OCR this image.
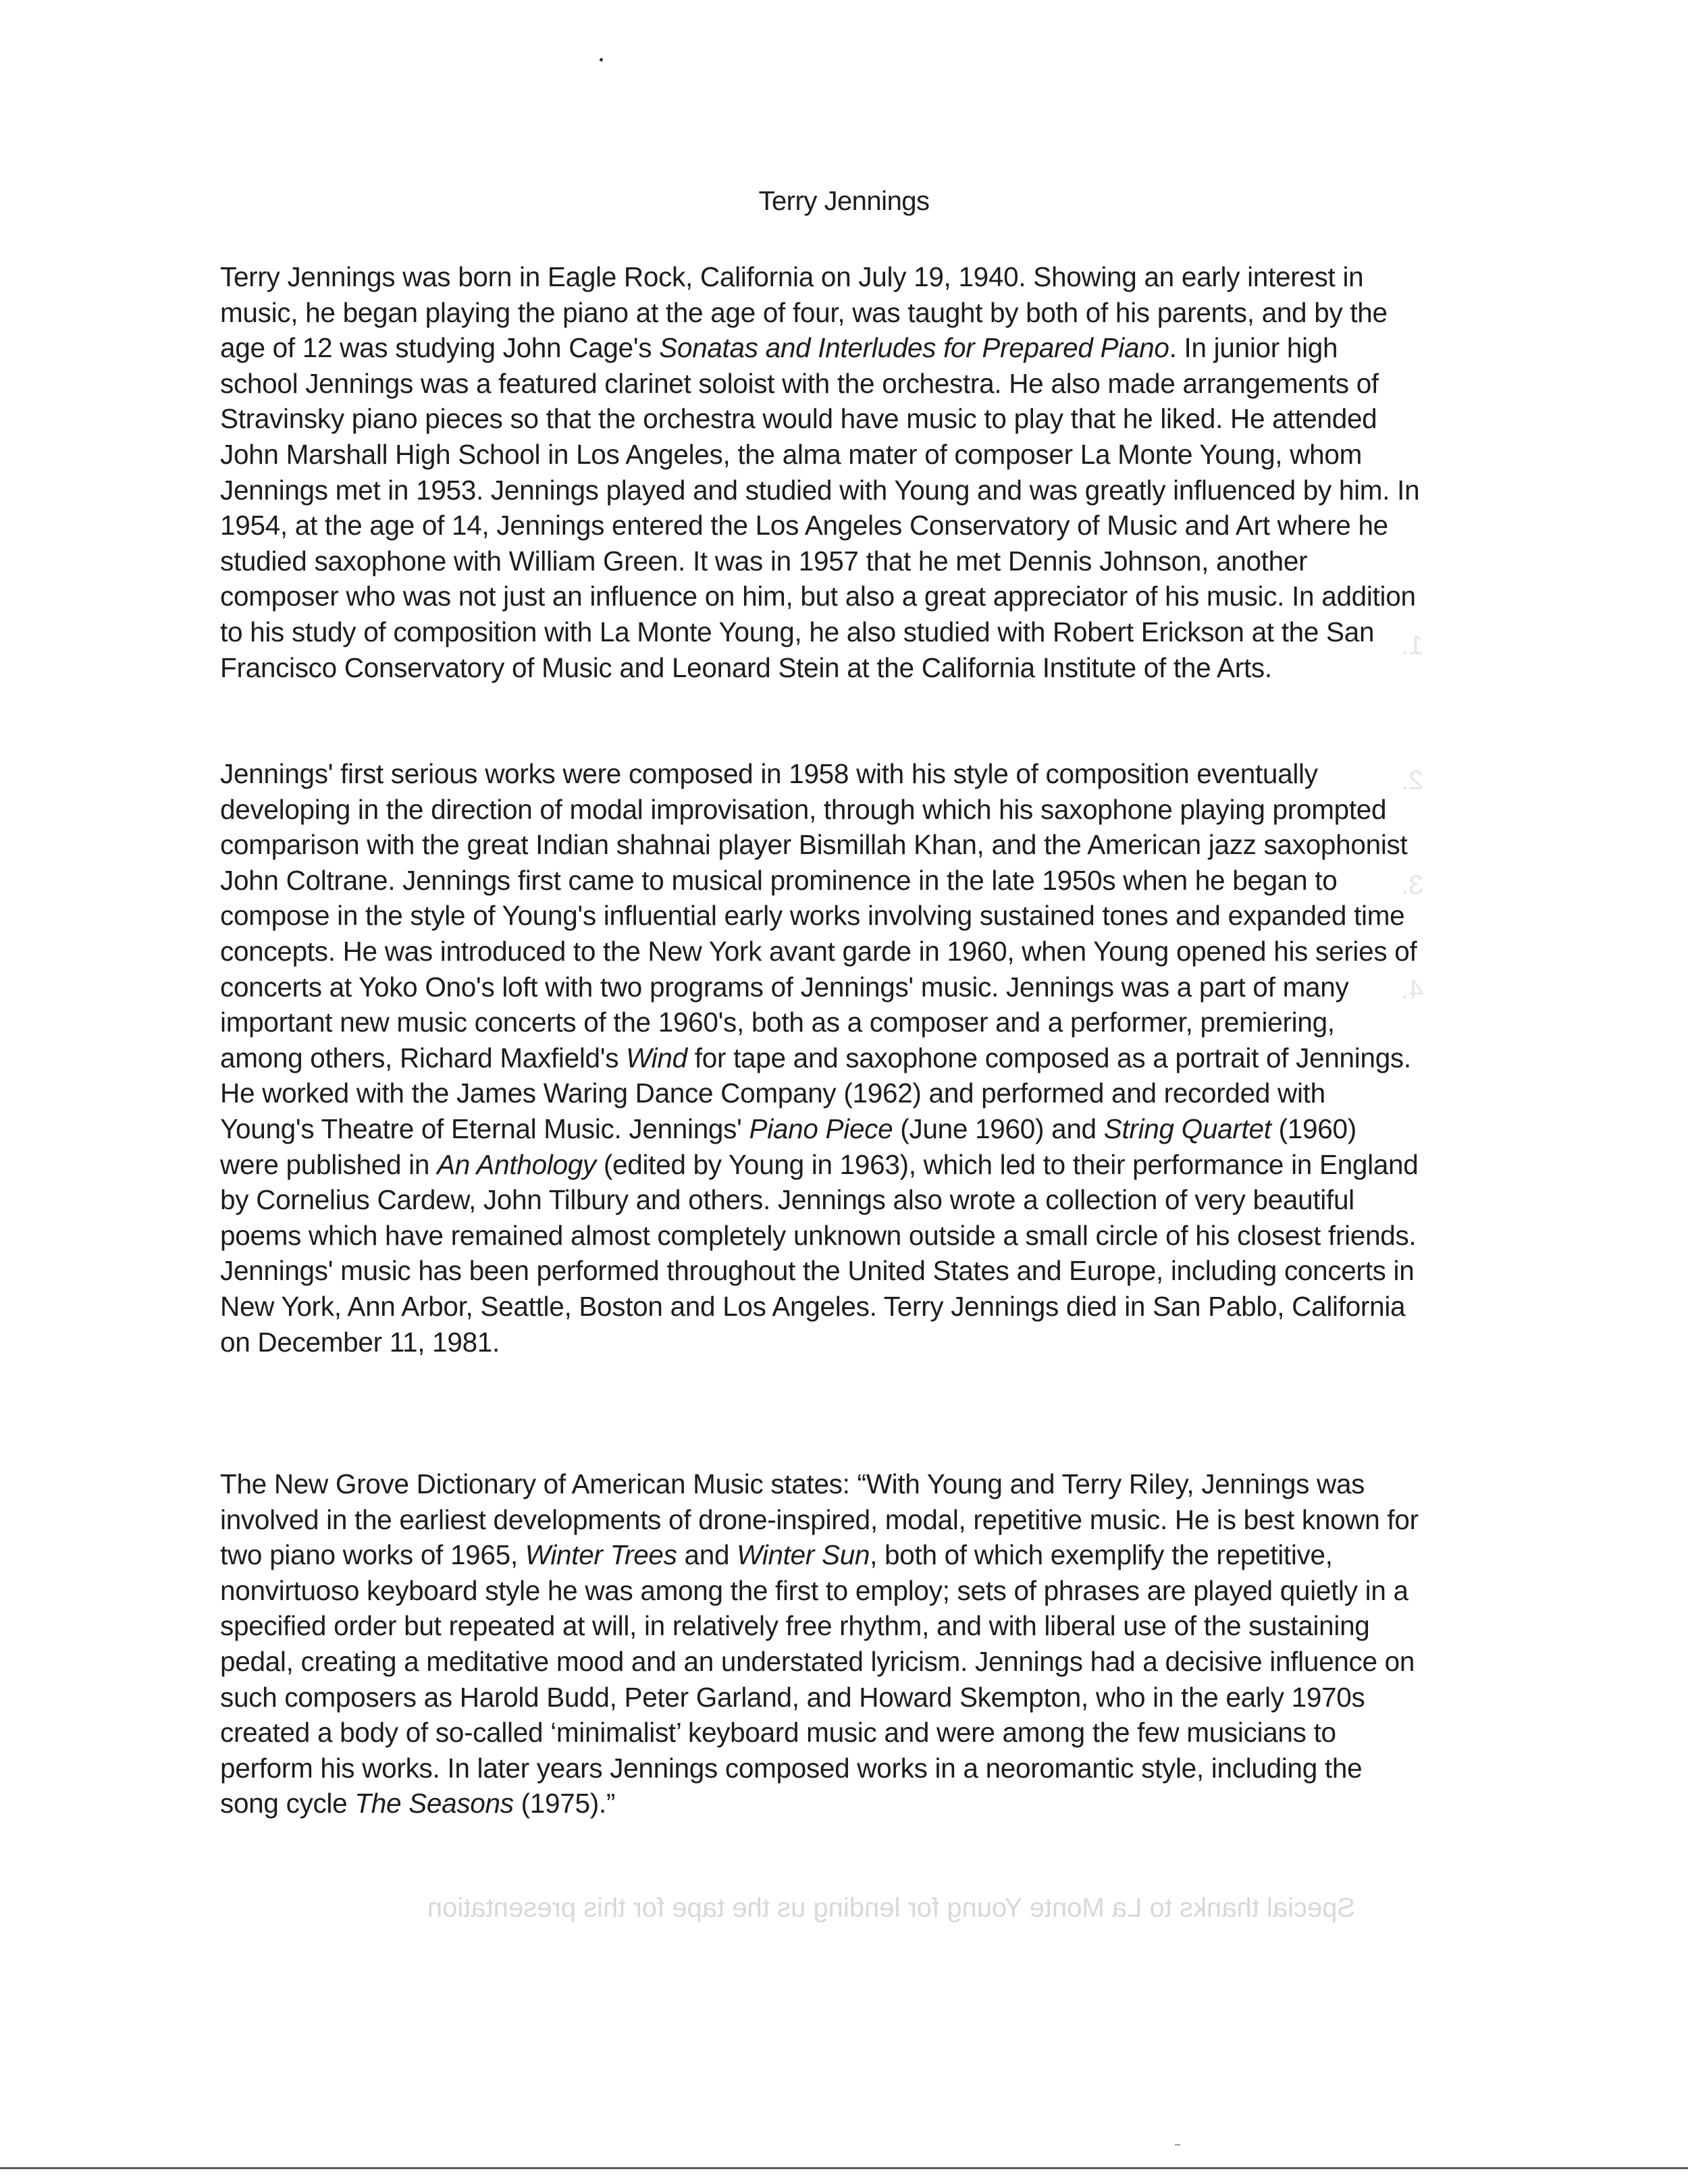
Terry Jennings

Terry Jennings was born in Eagle Rock, California on July 19, 1940. Showing an early interest in music, he began playing the piano at the age of four, was taught by both of his parents, and by the age of 12 was studying John Cage's Sonatas and Interludes for Prepared Piano. In junior high school Jennings was a featured clarinet soloist with the orchestra. He also made arrangements of Stravinsky piano pieces so that the orchestra would have music to play that he liked. He attended John Marshall High School in Los Angeles, the alma mater of composer La Monte Young, whom Jennings met in 1953. Jennings played and studied with Young and was greatly influenced by him. In 1954, at the age of 14, Jennings entered the Los Angeles Conservatory of Music and Art where he studied saxophone with William Green. It was in 1957 that he met Dennis Johnson, another composer who was not just an influence on him, but also a great appreciator of his music. In addition to his study of composition with La Monte Young, he also studied with Robert Erickson at the San Francisco Conservatory of Music and Leonard Stein at the California Institute of the Arts.

Jennings' first serious works were composed in 1958 with his style of composition eventually developing in the direction of modal improvisation, through which his saxophone playing prompted comparison with the great Indian shahnai player Bismillah Khan, and the American jazz saxophonist John Coltrane. Jennings first came to musical prominence in the late 1950s when he began to compose in the style of Young's influential early works involving sustained tones and expanded time concepts. He was introduced to the New York avant garde in 1960, when Young opened his series of concerts at Yoko Ono's loft with two programs of Jennings' music. Jennings was a part of many important new music concerts of the 1960's, both as a composer and a performer, premiering, among others, Richard Maxfield's Wind for tape and saxophone composed as a portrait of Jennings. He worked with the James Waring Dance Company (1962) and performed and recorded with Young's Theatre of Eternal Music. Jennings' Piano Piece (June 1960) and String Quartet (1960) were published in An Anthology (edited by Young in 1963), which led to their performance in England by Cornelius Cardew, John Tilbury and others. Jennings also wrote a collection of very beautiful poems which have remained almost completely unknown outside a small circle of his closest friends. Jennings' music has been performed throughout the United States and Europe, including concerts in New York, Ann Arbor, Seattle, Boston and Los Angeles. Terry Jennings died in San Pablo, California on December 11, 1981.

The New Grove Dictionary of American Music states: “With Young and Terry Riley, Jennings was involved in the earliest developments of drone-inspired, modal, repetitive music. He is best known for two piano works of 1965, Winter Trees and Winter Sun, both of which exemplify the repetitive, nonvirtuoso keyboard style he was among the first to employ; sets of phrases are played quietly in a specified order but repeated at will, in relatively free rhythm, and with liberal use of the sustaining pedal, creating a meditative mood and an understated lyricism. Jennings had a decisive influence on such composers as Harold Budd, Peter Garland, and Howard Skempton, who in the early 1970s created a body of so-called ‘minimalist’ keyboard music and were among the few musicians to perform his works. In later years Jennings composed works in a neoromantic style, including the song cycle The Seasons (1975).”

1.
2.
3.
4.
Special thanks to La Monte Young for lending us the tape for this presentation
